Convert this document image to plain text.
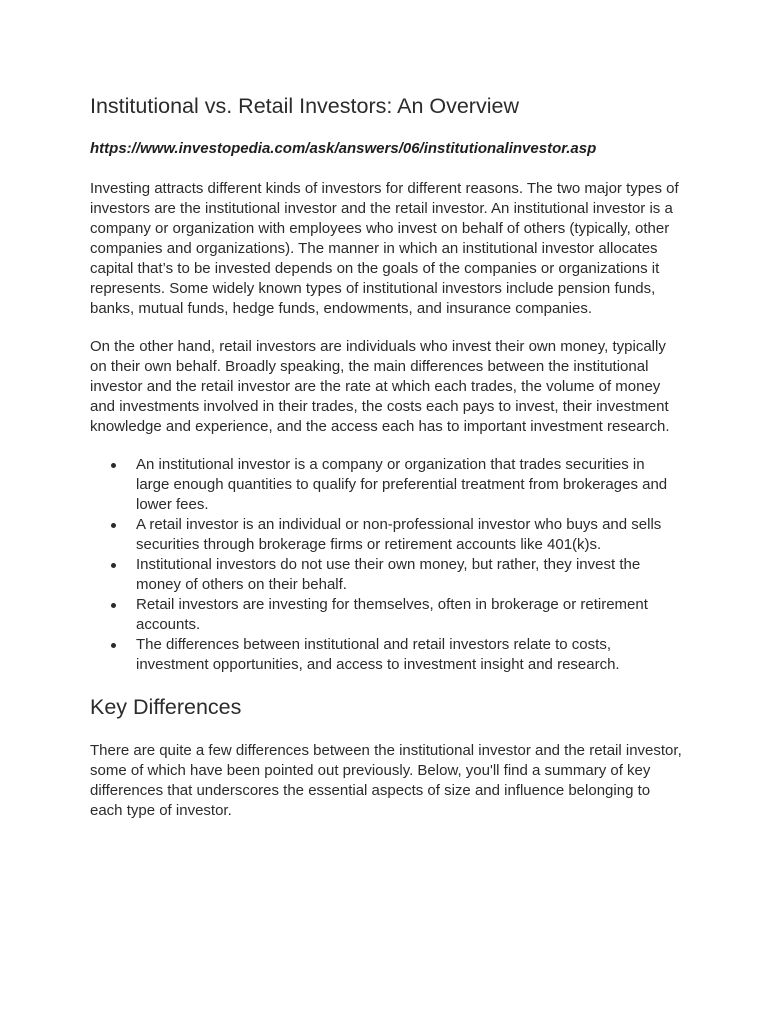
Institutional vs. Retail Investors: An Overview

https://www.investopedia.com/ask/answers/06/institutionalinvestor.asp

Investing attracts different kinds of investors for different reasons. The two major types of investors are the institutional investor and the retail investor. An institutional investor is a company or organization with employees who invest on behalf of others (typically, other companies and organizations). The manner in which an institutional investor allocates capital that’s to be invested depends on the goals of the companies or organizations it represents. Some widely known types of institutional investors include pension funds, banks, mutual funds, hedge funds, endowments, and insurance companies.

On the other hand, retail investors are individuals who invest their own money, typically on their own behalf. Broadly speaking, the main differences between the institutional investor and the retail investor are the rate at which each trades, the volume of money and investments involved in their trades, the costs each pays to invest, their investment knowledge and experience, and the access each has to important investment research.

An institutional investor is a company or organization that trades securities in large enough quantities to qualify for preferential treatment from brokerages and lower fees.
A retail investor is an individual or non-professional investor who buys and sells securities through brokerage firms or retirement accounts like 401(k)s.
Institutional investors do not use their own money, but rather, they invest the money of others on their behalf.
Retail investors are investing for themselves, often in brokerage or retirement accounts.
The differences between institutional and retail investors relate to costs, investment opportunities, and access to investment insight and research.
Key Differences

There are quite a few differences between the institutional investor and the retail investor, some of which have been pointed out previously. Below, you'll find a summary of key differences that underscores the essential aspects of size and influence belonging to each type of investor.
